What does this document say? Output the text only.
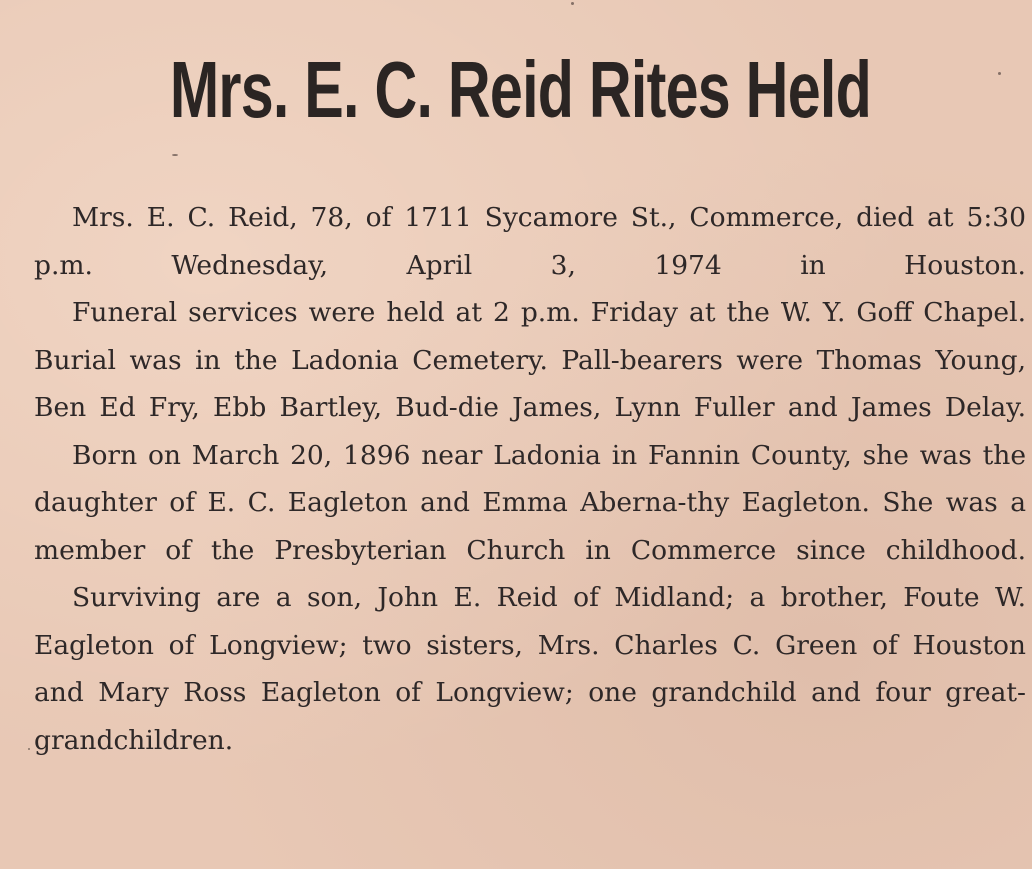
Mrs. E. C. Reid Rites Held

Mrs. E. C. Reid, 78, of 1711 Sycamore St., Commerce, died at 5:30 p.m. Wednesday, April 3, 1974 in Houston.

Funeral services were held at 2 p.m. Friday at the W. Y. Goff Chapel. Burial was in the Ladonia Cemetery. Pall-bearers were Thomas Young, Ben Ed Fry, Ebb Bartley, Bud-die James, Lynn Fuller and James Delay.

Born on March 20, 1896 near Ladonia in Fannin County, she was the daughter of E. C. Eagleton and Emma Aberna-thy Eagleton. She was a member of the Presbyterian Church in Commerce since childhood.

Surviving are a son, John E. Reid of Midland; a brother, Foute W. Eagleton of Longview; two sisters, Mrs. Charles C. Green of Houston and Mary Ross Eagleton of Longview; one grandchild and four great-grandchildren.
